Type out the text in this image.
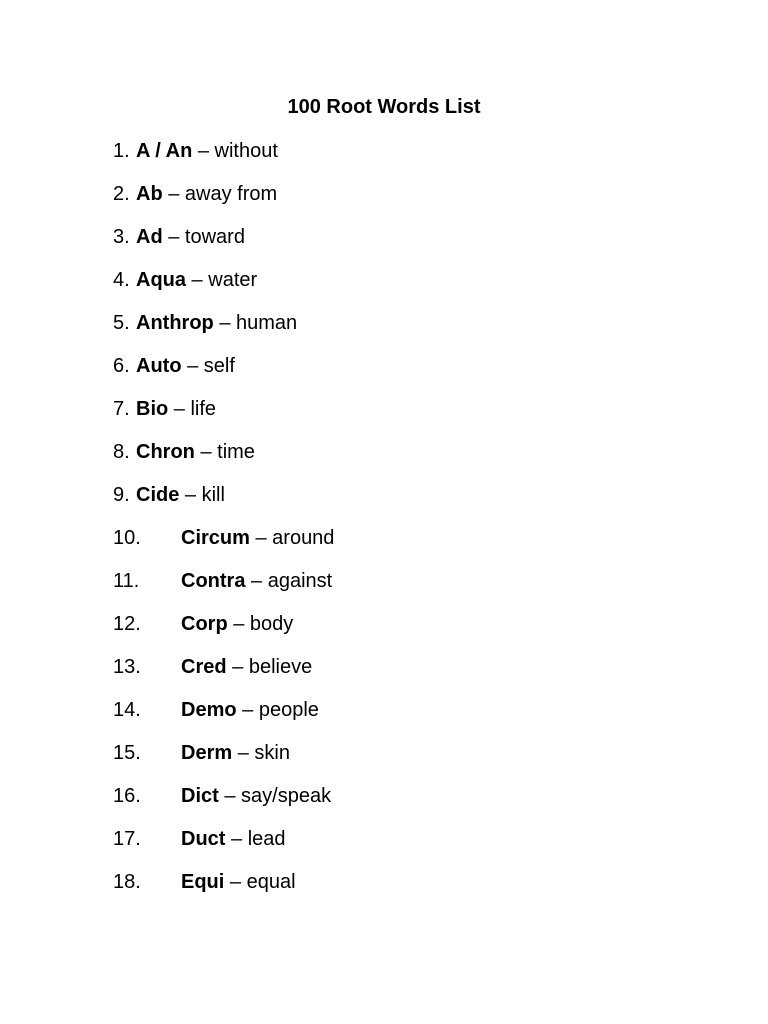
100 Root Words List
1. A / An – without
2. Ab – away from
3. Ad – toward
4. Aqua – water
5. Anthrop – human
6. Auto – self
7. Bio – life
8. Chron – time
9. Cide – kill
10. Circum – around
11. Contra – against
12. Corp – body
13. Cred – believe
14. Demo – people
15. Derm – skin
16. Dict – say/speak
17. Duct – lead
18. Equi – equal
